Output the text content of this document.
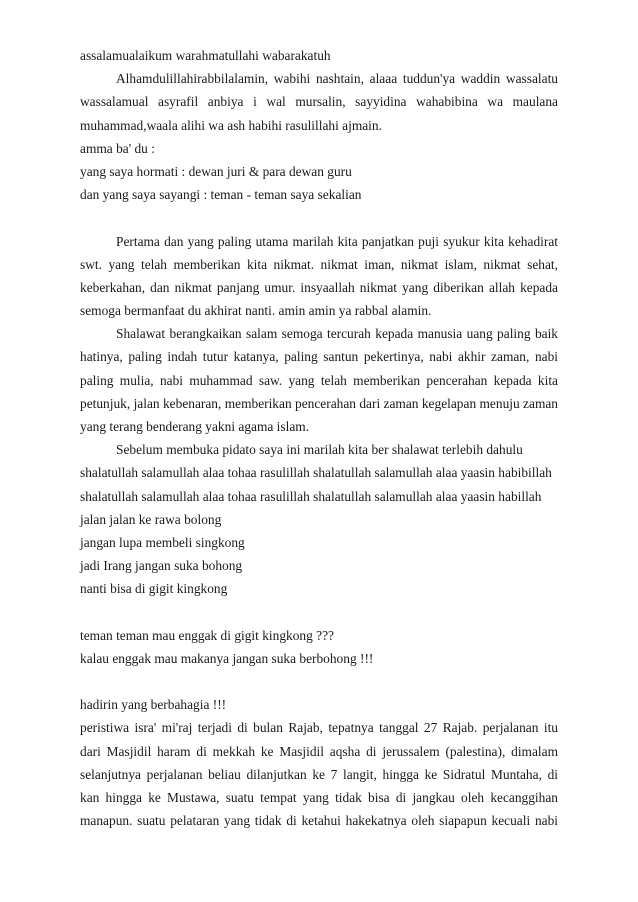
assalamualaikum warahmatullahi wabarakatuh
Alhamdulillahirabbilalamin, wabihi nashtain, alaaa tuddun'ya waddin wassalatu
wassalamual asyrafil anbiya i wal mursalin, sayyidina wahabibina wa maulana
muhammad,waala alihi wa ash habihi rasulillahi ajmain.
amma ba' du :
yang saya hormati : dewan juri & para dewan guru
dan yang saya sayangi : teman - teman saya sekalian
Pertama dan yang paling utama marilah kita panjatkan puji syukur kita kehadirat
swt. yang telah memberikan kita nikmat. nikmat iman, nikmat islam, nikmat sehat,
keberkahan, dan nikmat panjang umur. insyaallah nikmat yang diberikan allah kepada
semoga bermanfaat du akhirat nanti. amin amin ya rabbal alamin.
Shalawat berangkaikan salam semoga tercurah kepada manusia uang paling baik
hatinya, paling indah tutur katanya, paling santun pekertinya, nabi akhir zaman, nabi
paling mulia, nabi muhammad saw. yang telah memberikan pencerahan kepada kita
petunjuk, jalan kebenaran, memberikan pencerahan dari zaman kegelapan menuju zaman
yang terang benderang yakni agama islam.
Sebelum membuka pidato saya ini marilah kita ber shalawat terlebih dahulu
shalatullah salamullah alaa tohaa rasulillah shalatullah salamullah alaa yaasin habibillah
shalatullah salamullah alaa tohaa rasulillah shalatullah salamullah alaa yaasin habillah
jalan jalan ke rawa bolong
jangan lupa membeli singkong
jadi Irang jangan suka bohong
nanti bisa di gigit kingkong
teman teman mau enggak di gigit kingkong ???
kalau enggak mau makanya jangan suka berbohong !!!
hadirin yang berbahagia !!!
peristiwa isra' mi'raj terjadi di bulan Rajab, tepatnya tanggal 27 Rajab. perjalanan itu
dari Masjidil haram di mekkah ke Masjidil aqsha di jerussalem (palestina), dimalam
selanjutnya perjalanan beliau dilanjutkan ke 7 langit, hingga ke Sidratul Muntaha, di
kan hingga ke Mustawa, suatu tempat yang tidak bisa di jangkau oleh kecanggihan
manapun. suatu pelataran yang tidak di ketahui hakekatnya oleh siapapun kecuali nabi
